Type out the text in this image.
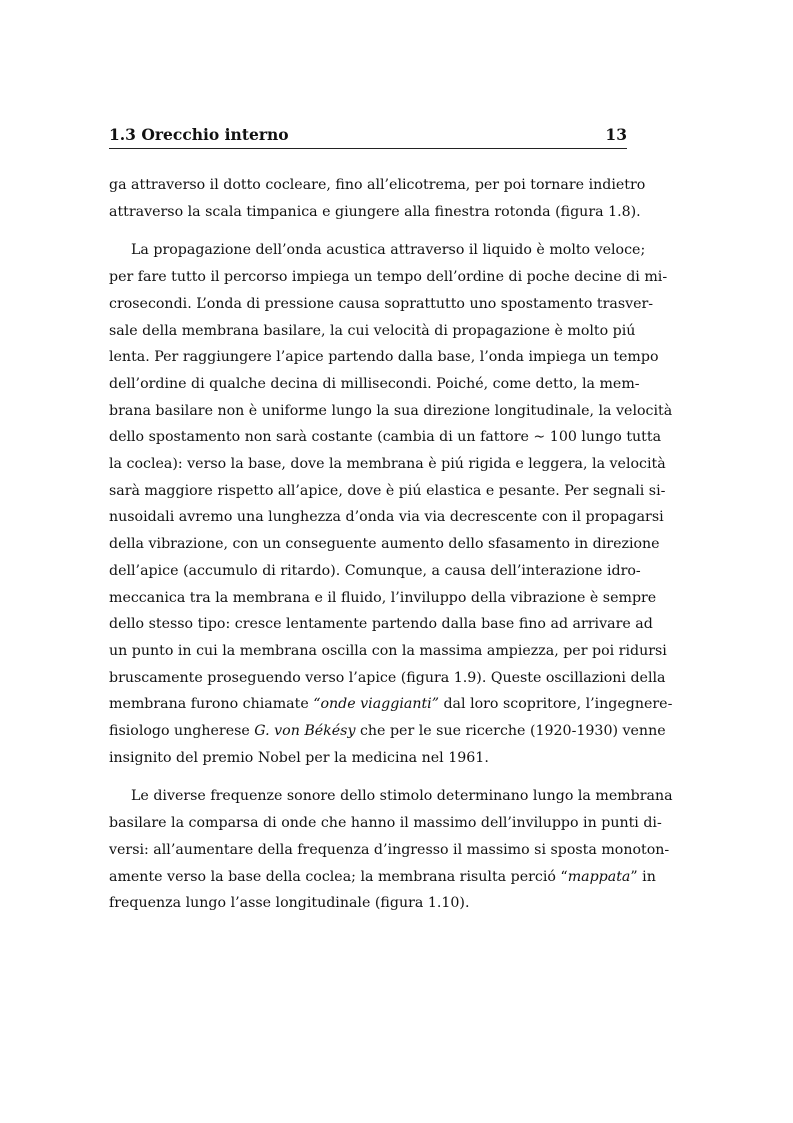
1.3 Orecchio interno	13

ga attraverso il dotto cocleare, fino all’elicotrema, per poi tornare indietro
attraverso la scala timpanica e giungere alla finestra rotonda (figura 1.8).

La propagazione dell’onda acustica attraverso il liquido è molto veloce;
per fare tutto il percorso impiega un tempo dell’ordine di poche decine di mi-
crosecondi. L’onda di pressione causa soprattutto uno spostamento trasver-
sale della membrana basilare, la cui velocità di propagazione è molto piú
lenta. Per raggiungere l’apice partendo dalla base, l’onda impiega un tempo
dell’ordine di qualche decina di millisecondi. Poiché, come detto, la mem-
brana basilare non è uniforme lungo la sua direzione longitudinale, la velocità
dello spostamento non sarà costante (cambia di un fattore ∼ 100 lungo tutta
la coclea): verso la base, dove la membrana è piú rigida e leggera, la velocità
sarà maggiore rispetto all’apice, dove è piú elastica e pesante. Per segnali si-
nusoidali avremo una lunghezza d’onda via via decrescente con il propagarsi
della vibrazione, con un conseguente aumento dello sfasamento in direzione
dell’apice (accumulo di ritardo). Comunque, a causa dell’interazione idro-
meccanica tra la membrana e il fluido, l’inviluppo della vibrazione è sempre
dello stesso tipo: cresce lentamente partendo dalla base fino ad arrivare ad
un punto in cui la membrana oscilla con la massima ampiezza, per poi ridursi
bruscamente proseguendo verso l’apice (figura 1.9). Queste oscillazioni della
membrana furono chiamate “onde viaggianti” dal loro scopritore, l’ingegnere-
fisiologo ungherese G. von Békésy che per le sue ricerche (1920-1930) venne
insignito del premio Nobel per la medicina nel 1961.

Le diverse frequenze sonore dello stimolo determinano lungo la membrana
basilare la comparsa di onde che hanno il massimo dell’inviluppo in punti di-
versi: all’aumentare della frequenza d’ingresso il massimo si sposta monoton-
amente verso la base della coclea; la membrana risulta perció “mappata” in
frequenza lungo l’asse longitudinale (figura 1.10).
